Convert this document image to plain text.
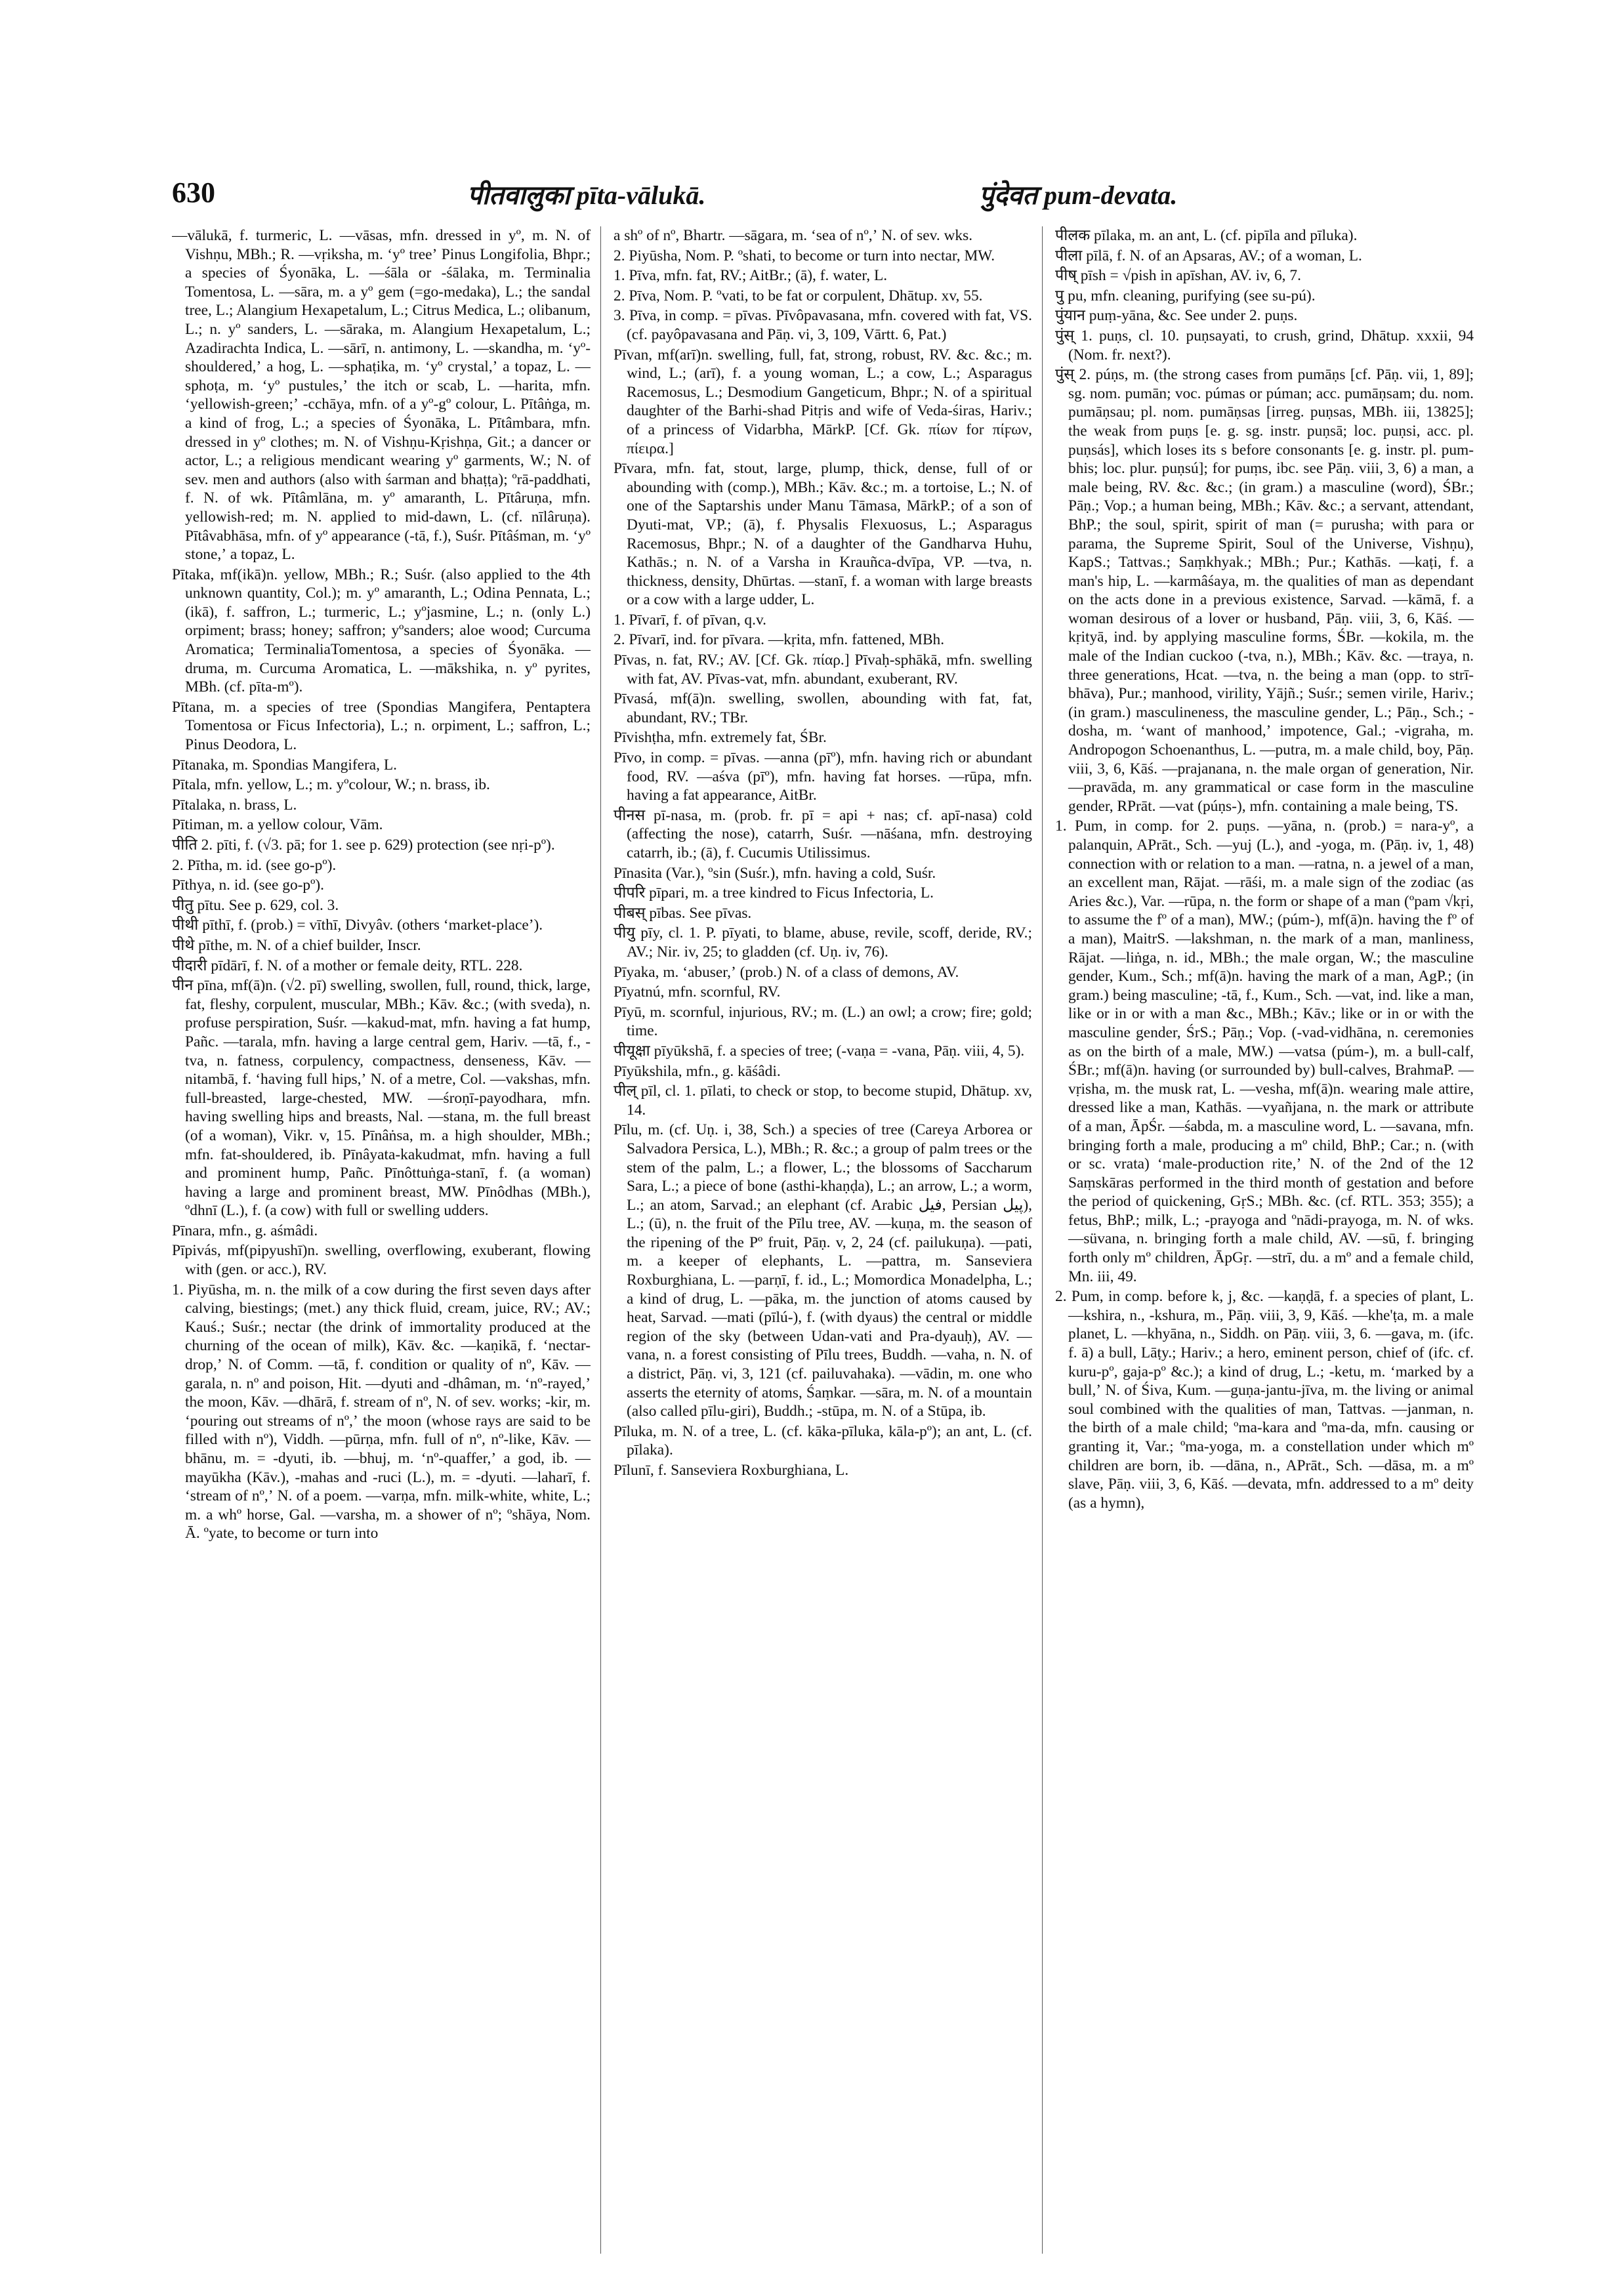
630	पीतवालुका pīta-vālukā.	पुंदेवत pum-devata.

—vālukā, f. turmeric, L. —vāsas, mfn. dressed in yº, m. N. of Vishṇu, MBh.; R. —vṛiksha, m. ʻyº treeʼ Pinus Longifolia, Bhpr.; a species of Śyonāka, L. —śāla or -śālaka, m. Terminalia Tomentosa, L. —sāra, m. a yº gem (=go-medaka), L.; the sandal tree, L.; Alangium Hexapetalum, L.; Citrus Medica, L.; olibanum, L.; n. yº sanders, L. —sāraka, m. Alangium Hexapetalum, L.; Azadirachta Indica, L. —sārī, n. antimony, L. —skandha, m. ʻyº-shouldered,ʼ a hog, L. —sphaṭika, m. ʻyº crystal,ʼ a topaz, L. —sphoṭa, m. ʻyº pustules,ʼ the itch or scab, L. —harita, mfn. ʻyellowish-green;ʼ -cchāya, mfn. of a yº-gº colour, L. Pītâṅga, m. a kind of frog, L.; a species of Śyonāka, L. Pītâmbara, mfn. dressed in yº clothes; m. N. of Vishṇu-Kṛishṇa, Git.; a dancer or actor, L.; a religious mendicant wearing yº garments, W.; N. of sev. men and authors (also with śarman and bhaṭṭa); ºrā-paddhati, f. N. of wk. Pītâmlāna, m. yº amaranth, L. Pītâruṇa, mfn. yellowish-red; m. N. applied to mid-dawn, L. (cf. nīlâruṇa). Pītâvabhāsa, mfn. of yº appearance (-tā, f.), Suśr. Pītâśman, m. ʻyº stone,ʼ a topaz, L.

Pītaka, mf(ikā)n. yellow, MBh.; R.; Suśr. (also applied to the 4th unknown quantity, Col.); m. yº amaranth, L.; Odina Pennata, L.; (ikā), f. saffron, L.; turmeric, L.; yºjasmine, L.; n. (only L.) orpiment; brass; honey; saffron; yºsanders; aloe wood; Curcuma Aromatica; TerminaliaTomentosa, a species of Śyonāka. —druma, m. Curcuma Aromatica, L. —mākshika, n. yº pyrites, MBh. (cf. pīta-mº).

Pītana, m. a species of tree (Spondias Mangifera, Pentaptera Tomentosa or Ficus Infectoria), L.; n. orpiment, L.; saffron, L.; Pinus Deodora, L.

Pītanaka, m. Spondias Mangifera, L.

Pītala, mfn. yellow, L.; m. yºcolour, W.; n. brass, ib.

Pītalaka, n. brass, L.

Pītiman, m. a yellow colour, Vām.

पीति 2. pīti, f. (√3. pā; for 1. see p. 629) protection (see nṛi-pº).

2. Pītha, m. id. (see go-pº).

Pīthya, n. id. (see go-pº).

पीतु pītu. See p. 629, col. 3.

पीथी pīthī, f. (prob.) = vīthī, Divyâv. (others ʻmarket-placeʼ).

पीथे pīthe, m. N. of a chief builder, Inscr.

पीदारी pīdārī, f. N. of a mother or female deity, RTL. 228.

पीन pīna, mf(ā)n. (√2. pī) swelling, swollen, full, round, thick, large, fat, fleshy, corpulent, muscular, MBh.; Kāv. &c.; (with sveda), n. profuse perspiration, Suśr. —kakud-mat, mfn. having a fat hump, Pañc. —tarala, mfn. having a large central gem, Hariv. —tā, f., -tva, n. fatness, corpulency, compactness, denseness, Kāv. —nitambā, f. ʻhaving full hips,ʼ N. of a metre, Col. —vakshas, mfn. full-breasted, large-chested, MW. —śroṇī-payodhara, mfn. having swelling hips and breasts, Nal. —stana, m. the full breast (of a woman), Vikr. v, 15. Pīnâṅsa, m. a high shoulder, MBh.; mfn. fat-shouldered, ib. Pīnâyata-kakudmat, mfn. having a full and prominent hump, Pañc. Pīnôttuṅga-stanī, f. (a woman) having a large and prominent breast, MW. Pīnôdhas (MBh.), ºdhnī (L.), f. (a cow) with full or swelling udders.

Pīnara, mfn., g. aśmâdi.

Pīpivás, mf(pipyushī)n. swelling, overflowing, exuberant, flowing with (gen. or acc.), RV.

1. Piyūsha, m. n. the milk of a cow during the first seven days after calving, biestings; (met.) any thick fluid, cream, juice, RV.; AV.; Kauś.; Suśr.; nectar (the drink of immortality produced at the churning of the ocean of milk), Kāv. &c. —kaṇikā, f. ʻnectar-drop,ʼ N. of Comm. —tā, f. condition or quality of nº, Kāv. —garala, n. nº and poison, Hit. —dyuti and -dhâman, m. ʻnº-rayed,ʼ the moon, Kāv. —dhārā, f. stream of nº, N. of sev. works; -kir, m. ʻpouring out streams of nº,ʼ the moon (whose rays are said to be filled with nº), Viddh. —pūrṇa, mfn. full of nº, nº-like, Kāv. —bhānu, m. = -dyuti, ib. —bhuj, m. ʻnº-quaffer,ʼ a god, ib. —mayūkha (Kāv.), -mahas and -ruci (L.), m. = -dyuti. —laharī, f. ʻstream of nº,ʼ N. of a poem. —varṇa, mfn. milk-white, white, L.; m. a whº horse, Gal. —varsha, m. a shower of nº; ºshāya, Nom. Ā. ºyate, to become or turn into

a shº of nº, Bhartr. —sāgara, m. ʻsea of nº,ʼ N. of sev. wks.

2. Piyūsha, Nom. P. ºshati, to become or turn into nectar, MW.

1. Pīva, mfn. fat, RV.; AitBr.; (ā), f. water, L.

2. Pīva, Nom. P. ºvati, to be fat or corpulent, Dhātup. xv, 55.

3. Pīva, in comp. = pīvas. Pīvôpavasana, mfn. covered with fat, VS. (cf. payôpavasana and Pāṇ. vi, 3, 109, Vārtt. 6, Pat.)

Pīvan, mf(arī)n. swelling, full, fat, strong, robust, RV. &c. &c.; m. wind, L.; (arī), f. a young woman, L.; a cow, L.; Asparagus Racemosus, L.; Desmodium Gangeticum, Bhpr.; N. of a spiritual daughter of the Barhi-shad Pitṛis and wife of Veda-śiras, Hariv.; of a princess of Vidarbha, MārkP. [Cf. Gk. πίων for πίϝων, πίειρα.]

Pīvara, mfn. fat, stout, large, plump, thick, dense, full of or abounding with (comp.), MBh.; Kāv. &c.; m. a tortoise, L.; N. of one of the Saptarshis under Manu Tāmasa, MārkP.; of a son of Dyuti-mat, VP.; (ā), f. Physalis Flexuosus, L.; Asparagus Racemosus, Bhpr.; N. of a daughter of the Gandharva Huhu, Kathās.; n. N. of a Varsha in Krauñca-dvīpa, VP. —tva, n. thickness, density, Dhūrtas. —stanī, f. a woman with large breasts or a cow with a large udder, L.

1. Pīvarī, f. of pīvan, q.v.

2. Pīvarī, ind. for pīvara. —kṛita, mfn. fattened, MBh.

Pīvas, n. fat, RV.; AV. [Cf. Gk. πίαρ.] Pīvaḥ-sphākā, mfn. swelling with fat, AV. Pīvas-vat, mfn. abundant, exuberant, RV.

Pīvasá, mf(ā)n. swelling, swollen, abounding with fat, fat, abundant, RV.; TBr.

Pīvishṭha, mfn. extremely fat, ŚBr.

Pīvo, in comp. = pīvas. —anna (pīº), mfn. having rich or abundant food, RV. —aśva (pīº), mfn. having fat horses. —rūpa, mfn. having a fat appearance, AitBr.

पीनस pī-nasa, m. (prob. fr. pī = api + nas; cf. apī-nasa) cold (affecting the nose), catarrh, Suśr. —nāśana, mfn. destroying catarrh, ib.; (ā), f. Cucumis Utilissimus.

Pīnasita (Var.), ºsin (Suśr.), mfn. having a cold, Suśr.

पीपरि pīpari, m. a tree kindred to Ficus Infectoria, L.

पीबस् pības. See pīvas.

पीयु pīy, cl. 1. P. pīyati, to blame, abuse, revile, scoff, deride, RV.; AV.; Nir. iv, 25; to gladden (cf. Uṇ. iv, 76).

Pīyaka, m. ʻabuser,ʼ (prob.) N. of a class of demons, AV.

Pīyatnú, mfn. scornful, RV.

Pīyū, m. scornful, injurious, RV.; m. (L.) an owl; a crow; fire; gold; time.

पीयूक्षा pīyūkshā, f. a species of tree; (-vaṇa = -vana, Pāṇ. viii, 4, 5).

Pīyūkshila, mfn., g. kāśâdi.

पील् pīl, cl. 1. pīlati, to check or stop, to become stupid, Dhātup. xv, 14.

Pīlu, m. (cf. Uṇ. i, 38, Sch.) a species of tree (Careya Arborea or Salvadora Persica, L.), MBh.; R. &c.; a group of palm trees or the stem of the palm, L.; a flower, L.; the blossoms of Saccharum Sara, L.; a piece of bone (asthi-khaṇḍa), L.; an arrow, L.; a worm, L.; an atom, Sarvad.; an elephant (cf. Arabic فيل, Persian پيل), L.; (ū), n. the fruit of the Pīlu tree, AV. —kuṇa, m. the season of the ripening of the Pº fruit, Pāṇ. v, 2, 24 (cf. pailukuṇa). —pati, m. a keeper of elephants, L. —pattra, m. Sanseviera Roxburghiana, L. —parṇī, f. id., L.; Momordica Monadelpha, L.; a kind of drug, L. —pāka, m. the junction of atoms caused by heat, Sarvad. —mati (pīlú-), f. (with dyaus) the central or middle region of the sky (between Udan-vati and Pra-dyauḥ), AV. —vana, n. a forest consisting of Pīlu trees, Buddh. —vaha, n. N. of a district, Pāṇ. vi, 3, 121 (cf. pailuvahaka). —vādin, m. one who asserts the eternity of atoms, Śaṃkar. —sāra, m. N. of a mountain (also called pīlu-giri), Buddh.; -stūpa, m. N. of a Stūpa, ib.

Pīluka, m. N. of a tree, L. (cf. kāka-pīluka, kāla-pº); an ant, L. (cf. pīlaka).

Pīlunī, f. Sanseviera Roxburghiana, L.

पीलक pīlaka, m. an ant, L. (cf. pipīla and pīluka).

पीला pīlā, f. N. of an Apsaras, AV.; of a woman, L.

पीष् pīsh = √pish in apīshan, AV. iv, 6, 7.

पु pu, mfn. cleaning, purifying (see su-pú).

पुंयान puṃ-yāna, &c. See under 2. puṇs.

पुंस् 1. puṇs, cl. 10. puṇsayati, to crush, grind, Dhātup. xxxii, 94 (Nom. fr. next?).

पुंस् 2. púṇs, m. (the strong cases from pumāṇs [cf. Pāṇ. vii, 1, 89]; sg. nom. pumān; voc. púmas or púman; acc. pumāṇsam; du. nom. pumāṇsau; pl. nom. pumāṇsas [irreg. puṇsas, MBh. iii, 13825]; the weak from puṇs [e. g. sg. instr. puṇsā; loc. puṇsi, acc. pl. puṇsás], which loses its s before consonants [e. g. instr. pl. pum-bhis; loc. plur. puṇsú]; for puṃs, ibc. see Pāṇ. viii, 3, 6) a man, a male being, RV. &c. &c.; (in gram.) a masculine (word), ŚBr.; Pāṇ.; Vop.; a human being, MBh.; Kāv. &c.; a servant, attendant, BhP.; the soul, spirit, spirit of man (= purusha; with para or parama, the Supreme Spirit, Soul of the Universe, Vishṇu), KapS.; Tattvas.; Saṃkhyak.; MBh.; Pur.; Kathās. —kaṭi, f. a man's hip, L. —karmâśaya, m. the qualities of man as dependant on the acts done in a previous existence, Sarvad. —kāmā, f. a woman desirous of a lover or husband, Pāṇ. viii, 3, 6, Kāś. —kṛityā, ind. by applying masculine forms, ŚBr. —kokila, m. the male of the Indian cuckoo (-tva, n.), MBh.; Kāv. &c. —traya, n. three generations, Hcat. —tva, n. the being a man (opp. to strī-bhāva), Pur.; manhood, virility, Yājñ.; Suśr.; semen virile, Hariv.; (in gram.) masculineness, the masculine gender, L.; Pāṇ., Sch.; -dosha, m. ʻwant of manhood,ʼ impotence, Gal.; -vigraha, m. Andropogon Schoenanthus, L. —putra, m. a male child, boy, Pāṇ. viii, 3, 6, Kāś. —prajanana, n. the male organ of generation, Nir. —pravāda, m. any grammatical or case form in the masculine gender, RPrāt. —vat (púṇs-), mfn. containing a male being, TS.

1. Pum, in comp. for 2. puṇs. —yāna, n. (prob.) = nara-yº, a palanquin, APrāt., Sch. —yuj (L.), and -yoga, m. (Pāṇ. iv, 1, 48) connection with or relation to a man. —ratna, n. a jewel of a man, an excellent man, Rājat. —rāśi, m. a male sign of the zodiac (as Aries &c.), Var. —rūpa, n. the form or shape of a man (ºpam √kṛi, to assume the fº of a man), MW.; (púm-), mf(ā)n. having the fº of a man), MaitrS. —lakshman, n. the mark of a man, manliness, Rājat. —liṅga, n. id., MBh.; the male organ, W.; the masculine gender, Kum., Sch.; mf(ā)n. having the mark of a man, AgP.; (in gram.) being masculine; -tā, f., Kum., Sch. —vat, ind. like a man, like or in or with a man &c., MBh.; Kāv.; like or in or with the masculine gender, ŚrS.; Pāṇ.; Vop. (-vad-vidhāna, n. ceremonies as on the birth of a male, MW.) —vatsa (púm-), m. a bull-calf, ŚBr.; mf(ā)n. having (or surrounded by) bull-calves, BrahmaP. —vṛisha, m. the musk rat, L. —vesha, mf(ā)n. wearing male attire, dressed like a man, Kathās. —vyañjana, n. the mark or attribute of a man, ĀpŚr. —śabda, m. a masculine word, L. —savana, mfn. bringing forth a male, producing a mº child, BhP.; Car.; n. (with or sc. vrata) ʻmale-production rite,ʼ N. of the 2nd of the 12 Saṃskāras performed in the third month of gestation and before the period of quickening, GṛS.; MBh. &c. (cf. RTL. 353; 355); a fetus, BhP.; milk, L.; -prayoga and ºnādi-prayoga, m. N. of wks. —süvana, n. bringing forth a male child, AV. —sū, f. bringing forth only mº children, ĀpGṛ. —strī, du. a mº and a female child, Mn. iii, 49.

2. Pum, in comp. before k, j, &c. —kaṇḍā, f. a species of plant, L. —kshira, n., -kshura, m., Pāṇ. viii, 3, 9, Kāś. —khe'ṭa, m. a male planet, L. —khyāna, n., Siddh. on Pāṇ. viii, 3, 6. —gava, m. (ifc. f. ā) a bull, Lāṭy.; Hariv.; a hero, eminent person, chief of (ifc. cf. kuru-pº, gaja-pº &c.); a kind of drug, L.; -ketu, m. ʻmarked by a bull,ʼ N. of Śiva, Kum. —guṇa-jantu-jīva, m. the living or animal soul combined with the qualities of man, Tattvas. —janman, n. the birth of a male child; ºma-kara and ºma-da, mfn. causing or granting it, Var.; ºma-yoga, m. a constellation under which mº children are born, ib. —dāna, n., APrāt., Sch. —dāsa, m. a mº slave, Pāṇ. viii, 3, 6, Kāś. —devata, mfn. addressed to a mº deity (as a hymn),
